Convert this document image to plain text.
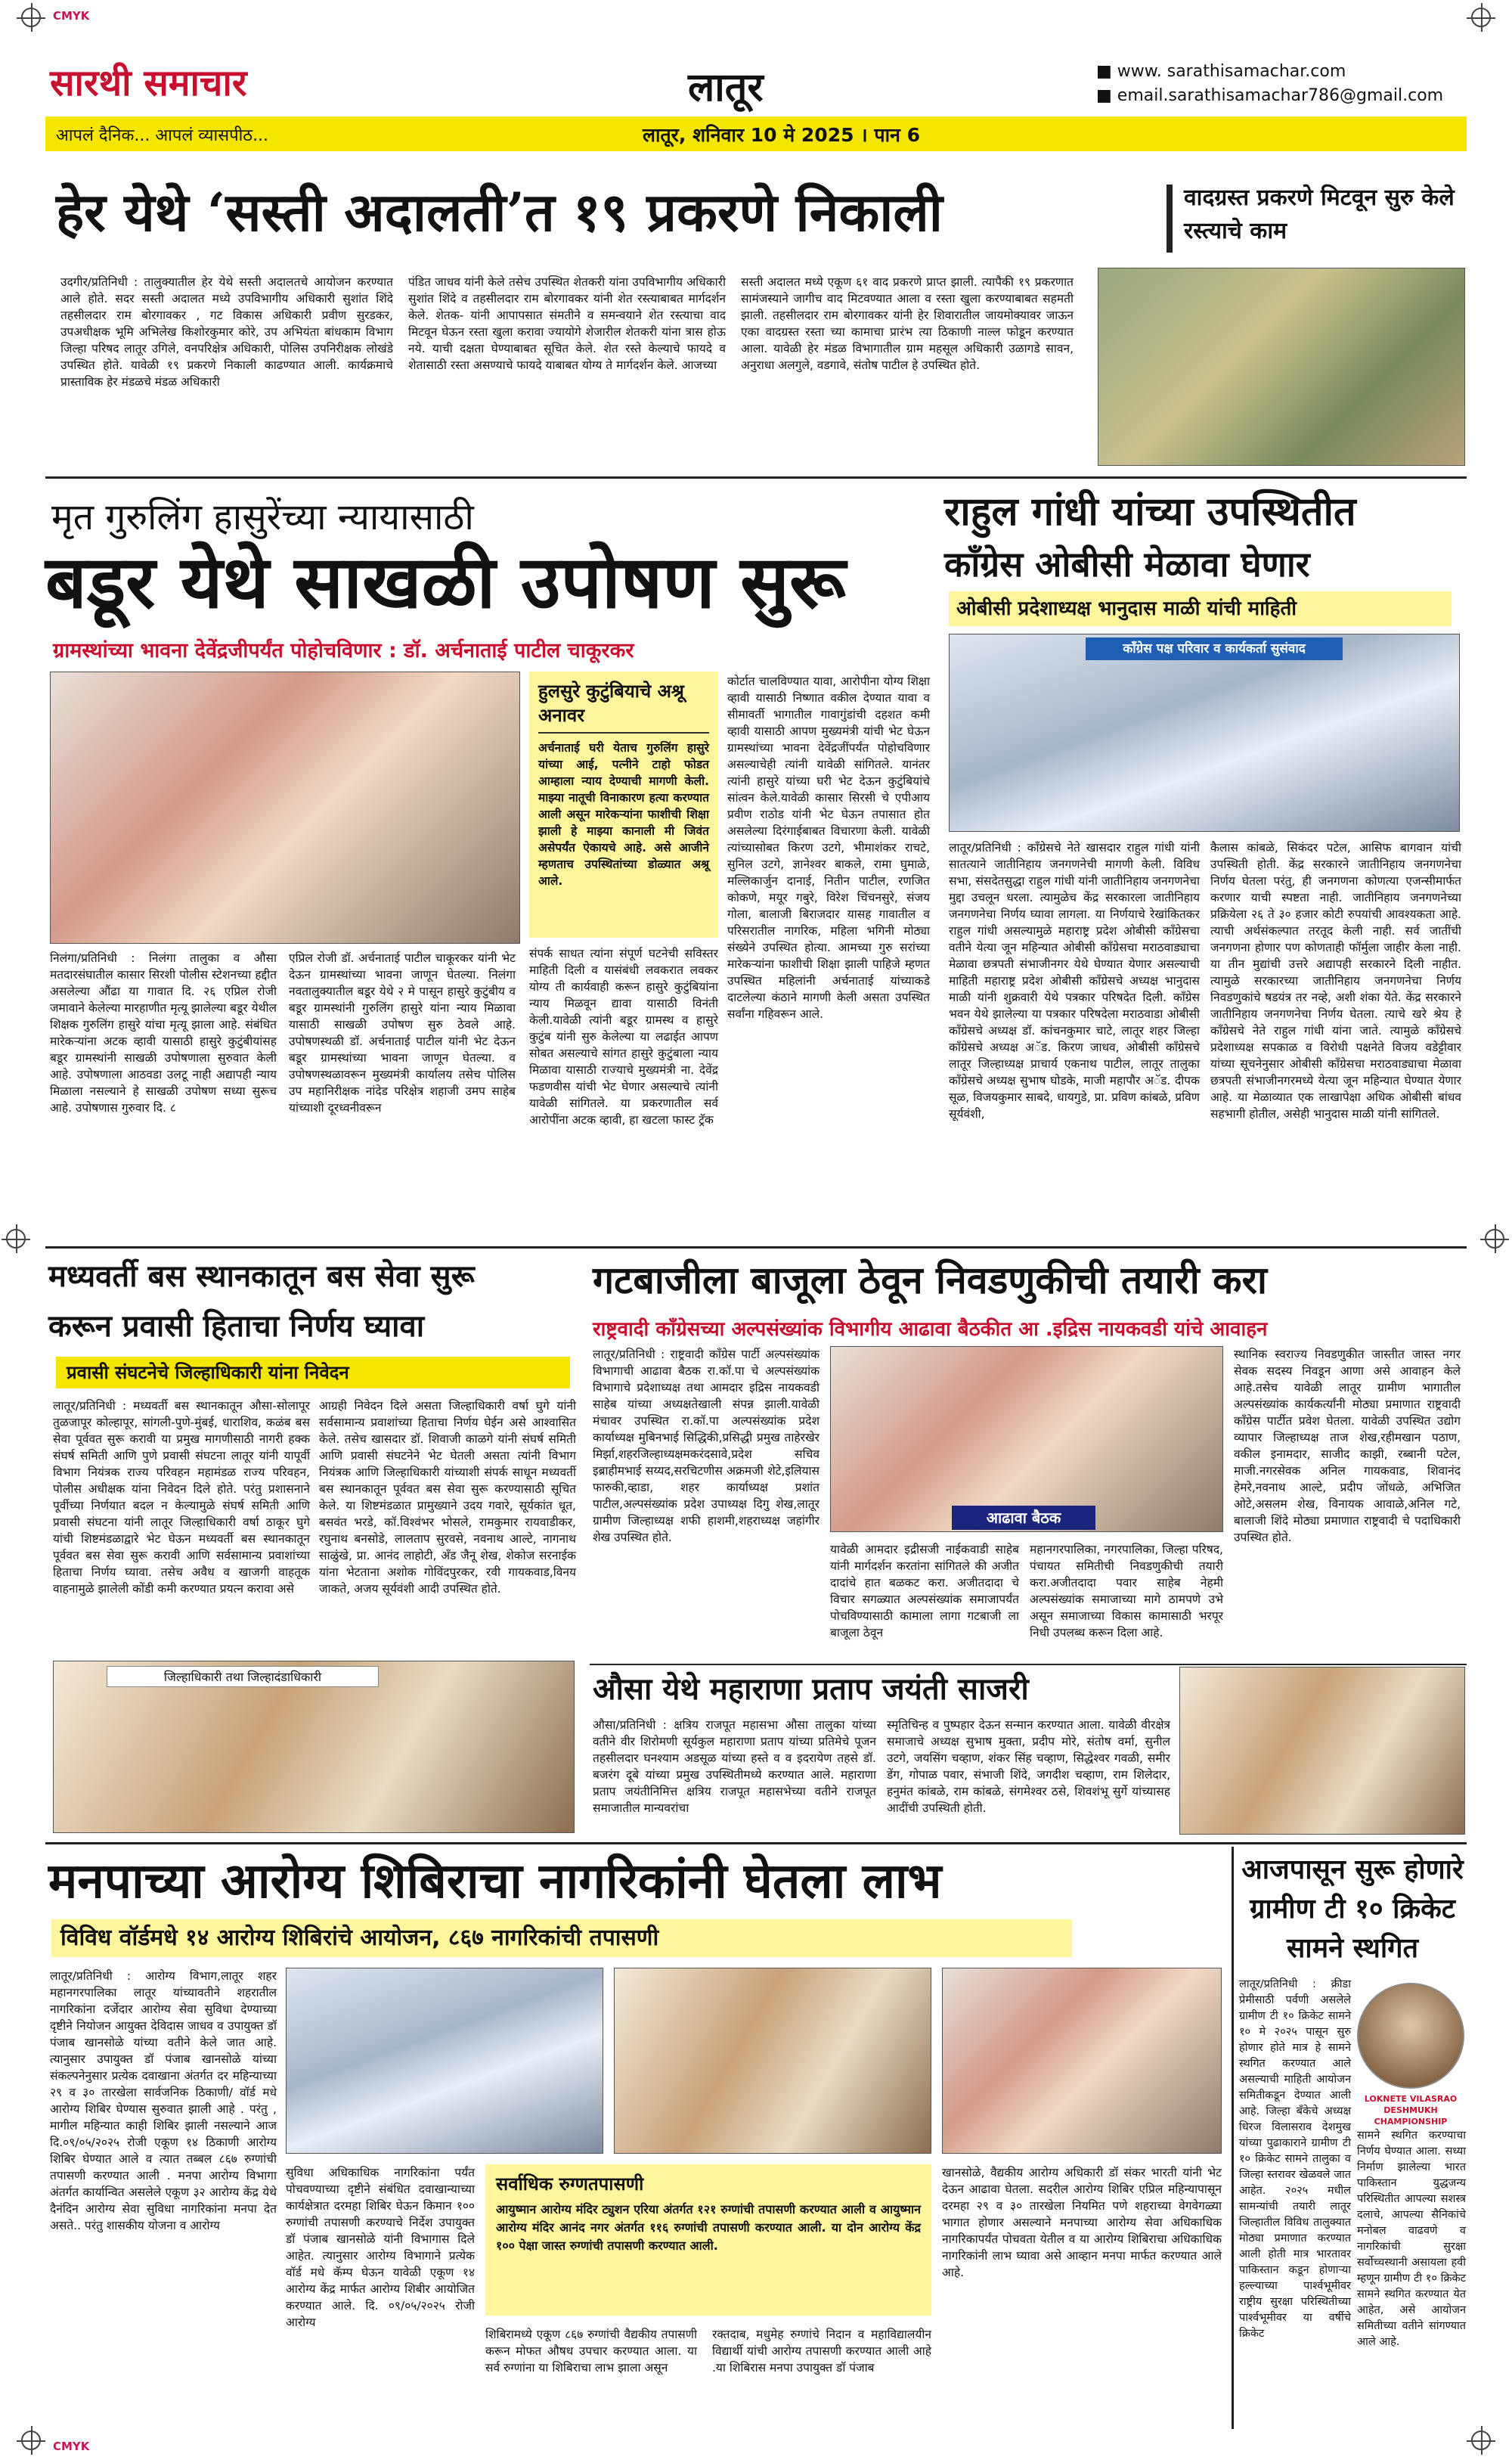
CMYK
CMYK
सारथी समाचार	लातूर	■ www. sarathisamachar.com
■ email.sarathisamachar786@gmail.com
आपलं दैनिक... आपलं व्यासपीठ...	लातूर, शनिवार 10 मे 2025 । पान 6
हेर येथे ‘सस्ती अदालती’त १९ प्रकरणे निकाली	वादग्रस्त प्रकरणे मिटवून सुरु केले रस्त्याचे काम
उदगीर/प्रतिनिधी : तालुक्यातील हेर येथे सस्ती अदालतचे आयोजन करण्यात आले होते. सदर सस्ती अदालत मध्ये उपविभागीय अधिकारी सुशांत शिंदे तहसीलदार राम बोरगावकर , गट विकास अधिकारी प्रवीण सुरडकर, उपअधीक्षक भूमि अभिलेख किशोरकुमार कोरे, उप अभियंता बांधकाम विभाग जिल्हा परिषद लातूर उगिले, वनपरिक्षेत्र अधिकारी, पोलिस उपनिरीक्षक लोखंडे उपस्थित होते. यावेळी १९ प्रकरणे निकाली काढण्यात आली. कार्यक्रमाचे प्रास्ताविक हेर मंडळचे मंडळ अधिकारी
पंडित जाधव यांनी केले तसेच उपस्थित शेतकरी यांना उपविभागीय अधिकारी सुशांत शिंदे व तहसीलदार राम बोरगावकर यांनी शेत रस्त्याबाबत मार्गदर्शन केले. शेतक- यांनी आपापसात संमतीने व समन्वयाने शेत रस्त्याचा वाद मिटवून घेऊन रस्ता खुला करावा ज्यायोगे शेजारील शेतकरी यांना त्रास होऊ नये. याची दक्षता घेण्याबाबत सूचित केले. शेत रस्ते केल्याचे फायदे व शेतासाठी रस्ता असण्याचे फायदे याबाबत योग्य ते मार्गदर्शन केले. आजच्या
सस्ती अदालत मध्ये एकूण ६१ वाद प्रकरणे प्राप्त झाली. त्यापैकी १९ प्रकरणात सामंजस्याने जागीच वाद मिटवण्यात आला व रस्ता खुला करण्याबाबत सहमती झाली. तहसीलदार राम बोरगावकर यांनी हेर शिवारातील जायमोक्यावर जाऊन एका वादग्रस्त रस्ता च्या कामाचा प्रारंभ त्या ठिकाणी नाल्ल फोडून करण्यात आला. यावेळी हेर मंडळ विभागातील ग्राम महसूल अधिकारी उळागडे सावन, अनुराधा अलगुले, वडगावे, संतोष पाटील हे उपस्थित होते.
मृत गुरुलिंग हासुरेंच्या न्यायासाठी
बडूर येथे साखळी उपोषण सुरू
ग्रामस्थांच्या भावना देवेंद्रजीपर्यंत पोहोचविणार : डॉ. अर्चनाताई पाटील चाकूरकर
हुलसुरे कुटुंबियाचे अश्रू अनावर
अर्चनाताई घरी येताच गुरुलिंग हासुरे यांच्या आई, पत्नीने टाहो फोडत आम्हाला न्याय देण्याची मागणी केली. माझ्या नातूची विनाकारण हत्या करण्यात आली असून मारेकऱ्यांना फाशीची शिक्षा झाली हे माझ्या कानाली मी जिवंत असेपर्यंत ऐकायचे आहे. असे आजीने म्हणताच उपस्थितांच्या डोळ्यात अश्रू आले.
निलंगा/प्रतिनिधी : निलंगा तालुका व औसा मतदारसंघातील कासार सिरशी पोलीस स्टेशनच्या हद्दीत असलेल्या औंढा या गावात दि. २६ एप्रिल रोजी जमावाने केलेल्या मारहाणीत मृत्यू झालेल्या बडूर येथील शिक्षक गुरुलिंग हासुरे यांचा मृत्यू झाला आहे. संबंधित मारेकऱ्यांना अटक व्हावी यासाठी हासुरे कुटुंबीयांसह बडूर ग्रामस्थांनी साखळी उपोषणाला सुरुवात केली आहे. उपोषणाला आठवडा उलटू नाही अद्यापही न्याय मिळाला नसल्याने हे साखळी उपोषण सध्या सुरूच आहे. उपोषणास गुरुवार दि. ८
एप्रिल रोजी डॉ. अर्चनाताई पाटील चाकूरकर यांनी भेट देऊन ग्रामस्थांच्या भावना जाणून घेतल्या. निलंगा नवतालुक्यातील बडूर येथे २ मे पासून हासुरे कुटुंबीय व बडूर ग्रामस्थांनी गुरुलिंग हासुरे यांना न्याय मिळावा यासाठी साखळी उपोषण सुरु ठेवले आहे. उपोषणस्थळी डॉ. अर्चनाताई पाटील यांनी भेट देऊन बडूर ग्रामस्थांच्या भावना जाणून घेतल्या. व उपोषणस्थळावरून मुख्यमंत्री कार्यालय तसेच पोलिस उप महानिरीक्षक नांदेड परिक्षेत्र शहाजी उमप साहेब यांच्याशी दूरध्वनीवरून
संपर्क साधत त्यांना संपूर्ण घटनेची सविस्तर माहिती दिली व यासंबंधी लवकरात लवकर योग्य ती कार्यवाही करून हासुरे कुटुंबियांना न्याय मिळवून द्यावा यासाठी विनंती केली.यावेळी त्यांनी बडूर ग्रामस्थ व हासुरे कुटुंब यांनी सुरु केलेल्या या लढाईत आपण सोबत असल्याचे सांगत हासुरे कुटुंबाला न्याय मिळावा यासाठी राज्याचे मुख्यमंत्री ना. देवेंद्र फडणवीस यांची भेट घेणार असल्याचे त्यांनी यावेळी सांगितले. या प्रकरणातील सर्व आरोपींना अटक व्हावी, हा खटला फास्ट ट्रॅक
कोर्टात चालविण्यात यावा, आरोपीना योग्य शिक्षा व्हावी यासाठी निष्णात वकील देण्यात यावा व सीमावर्ती भागातील गावागुंडांची दहशत कमी व्हावी यासाठी आपण मुख्यमंत्री यांची भेट घेऊन ग्रामस्थांच्या भावना देवेंद्रजींपर्यंत पोहोचविणार असल्याचेही त्यांनी यावेळी सांगितले. यानंतर त्यांनी हासुरे यांच्या घरी भेट देऊन कुटुंबियांचे सांत्वन केले.यावेळी कासार सिरसी चे एपीआय प्रवीण राठोड यांनी भेट घेऊन तपासात होत असलेल्या दिरंगाईबाबत विचारणा केली. यावेळी त्यांच्यासोबत किरण उटगे, भीमाशंकर राचटे, सुनिल उटगे, ज्ञानेश्वर बाकले, रामा घुमाळे, मल्लिकार्जुन दानाई, नितीन पाटील, रणजित कोकणे, मयूर गबुरे, विरेश चिंचनसुरे, संजय गोला, बालाजी बिराजदार यासह गावातील व परिसरातील नागरिक, महिला भगिनी मोठ्या संख्येने उपस्थित होत्या. आमच्या गुरु सरांच्या मारेकऱ्यांना फाशीची शिक्षा झाली पाहिजे म्हणत उपस्थित महिलांनी अर्चनाताई यांच्याकडे दाटलेल्या कंठाने मागणी केली असता उपस्थित सर्वांना गहिवरून आले.
राहुल गांधी यांच्या उपस्थितीत
काँग्रेस ओबीसी मेळावा घेणार
ओबीसी प्रदेशाध्यक्ष भानुदास माळी यांची माहिती
काँग्रेस पक्ष परिवार व कार्यकर्ता सुसंवाद
लातूर/प्रतिनिधी : काँग्रेसचे नेते खासदार राहुल गांधी यांनी सातत्याने जातीनिहाय जनगणनेची मागणी केली. विविध सभा, संसदेतसुद्धा राहुल गांधी यांनी जातीनिहाय जनगणनेचा मुद्दा उचलून धरला. त्यामुळेच केंद्र सरकारला जातीनिहाय जनगणनेचा निर्णय घ्यावा लागला. या निर्णयाचे रेखांकितकर राहुल गांधी असल्यामुळे महाराष्ट्र प्रदेश ओबीसी काँग्रेसचा वतीने येत्या जून महिन्यात ओबीसी काँग्रेसचा मराठवाड्याचा मेळावा छत्रपती संभाजीनगर येथे घेण्यात येणार असल्याची माहिती महाराष्ट्र प्रदेश ओबीसी काँग्रेसचे अध्यक्ष भानुदास माळी यांनी शुक्रवारी येथे पत्रकार परिषदेत दिली. काँग्रेस भवन येथे झालेल्या या पत्रकार परिषदेला मराठवाडा ओबीसी काँग्रेसचे अध्यक्ष डॉ. कांचनकुमार चाटे, लातूर शहर जिल्हा काँग्रेसचे अध्यक्ष अॅड. किरण जाधव, ओबीसी काँग्रेसचे लातूर जिल्हाध्यक्ष प्राचार्य एकनाथ पाटील, लातूर तालुका काँग्रेसचे अध्यक्ष सुभाष घोडके, माजी महापौर अॅड. दीपक सूळ, विजयकुमार साबदे, धायगुडे, प्रा. प्रविण कांबळे, प्रविण सूर्यवंशी,
कैलास कांबळे, सिकंदर पटेल, आसिफ बागवान यांची उपस्थिती होती. केंद्र सरकारने जातीनिहाय जनगणनेचा निर्णय घेतला परंतु, ही जनगणना कोणत्या एजन्सीमार्फत करणार याची स्पष्टता नाही. जातीनिहाय जनगणनेच्या प्रक्रियेला २६ ते ३० हजार कोटी रुपयांची आवश्यकता आहे. त्याची अर्थसंकल्पात तरतूद केली नाही. सर्व जातींची जनगणना होणार पण कोणताही फॉर्मुला जाहीर केला नाही. या तीन मुद्यांची उत्तरे अद्यापही सरकारने दिली नाहीत. त्यामुळे सरकारच्या जातीनिहाय जनगणनेचा निर्णय निवडणुकांचे षडयंत्र तर नव्हे, अशी शंका येते. केंद्र सरकारने जातीनिहाय जनगणनेचा निर्णय घेतला. त्याचे खरे श्रेय हे काँग्रेसचे नेते राहुल गांधी यांना जाते. त्यामुळे काँग्रेसचे प्रदेशाध्यक्ष सपकाळ व विरोधी पक्षनेते विजय वडेट्टीवार यांच्या सूचनेनुसार ओबीसी काँग्रेसचा मराठवाड्याचा मेळावा छत्रपती संभाजीनगरमध्ये येत्या जून महिन्यात घेण्यात येणार आहे. या मेळाव्यात एक लाखापेक्षा अधिक ओबीसी बांधव सहभागी होतील, असेही भानुदास माळी यांनी सांगितले.
मध्यवर्ती बस स्थानकातून बस सेवा सुरू
करून प्रवासी हिताचा निर्णय घ्यावा
प्रवासी संघटनेचे जिल्हाधिकारी यांना निवेदन
लातूर/प्रतिनिधी : मध्यवर्ती बस स्थानकातून औसा-सोलापूर तुळजापूर कोल्हापूर, सांगली-पुणे-मुंबई, धाराशिव, कळंब बस सेवा पूर्ववत सुरू करावी या प्रमुख मागणीसाठी नागरी हक्क संघर्ष समिती आणि पुणे प्रवासी संघटना लातूर यांनी यापूर्वी विभाग नियंत्रक राज्य परिवहन महामंडळ राज्य परिवहन, पोलीस अधीक्षक यांना निवेदन दिले होते. परंतु प्रशासनाने पूर्वीच्या निर्णयात बदल न केल्यामुळे संघर्ष समिती आणि प्रवासी संघटना यांनी लातूर जिल्हाधिकारी वर्षा ठाकूर घुगे यांची शिष्टमंडळाद्वारे भेट घेऊन मध्यवर्ती बस स्थानकातून पूर्ववत बस सेवा सुरू करावी आणि सर्वसामान्य प्रवाशांच्या हिताचा निर्णय घ्यावा. तसेच अवैध व खाजगी वाहतूक वाहनामुळे झालेली कोंडी कमी करण्यात प्रयत्न करावा असे
आग्रही निवेदन दिले असता जिल्हाधिकारी वर्षा घुगे यांनी सर्वसामान्य प्रवाशांच्या हिताचा निर्णय घेईन असे आश्वासित केले. तसेच खासदार डॉ. शिवाजी काळगे यांनी संघर्ष समिती आणि प्रवासी संघटनेने भेट घेतली असता त्यांनी विभाग नियंत्रक आणि जिल्हाधिकारी यांच्याशी संपर्क साधून मध्यवर्ती बस स्थानकातून पूर्ववत बस सेवा सुरू करण्यासाठी सूचित केले. या शिष्टमंडळात प्रामुख्याने उदय गवारे, सूर्यकांत धूत, बसवंत भरडे, कॉ.विश्वंभर भोसले, रामकुमार रायवाडीकर, रघुनाथ बनसोडे, लालताप सुरवसे, नवनाथ आल्टे, नागनाथ साळुंखे, प्रा. आनंद लाहोटी, अँड जैनू शेख, शेकोज सरनाईक यांना भेटताना अशोक गोविंदपुरकर, रवी गायकवाड,विनय जाकते, अजय सूर्यवंशी आदी उपस्थित होते.
जिल्हाधिकारी तथा जिल्हादंडाधिकारी
गटबाजीला बाजूला ठेवून निवडणुकीची तयारी करा
राष्ट्रवादी काँग्रेसच्या अल्पसंख्यांक विभागीय आढावा बैठकीत आ .इद्रिस नायकवडी यांचे आवाहन
लातूर/प्रतिनिधी : राष्ट्रवादी काँग्रेस पार्टी अल्पसंख्यांक विभागाची आढावा बैठक रा.कॉ.पा चे अल्पसंख्यांक विभागाचे प्रदेशाध्यक्ष तथा आमदार इद्रिस नायकवडी साहेब यांच्या अध्यक्षतेखाली संपन्न झाली.यावेळी मंचावर उपस्थित रा.कॉ.पा अल्पसंख्यांक प्रदेश कार्याध्यक्ष मुबिनभाई सिद्धिकी,प्रसिद्धी प्रमुख ताहेरखेर मिर्झा,शहरजिल्हाध्यक्षमकरंदसावे,प्रदेश सचिव इब्राहीमभाई सय्यद,सरचिटणीस अक्रमजी शेटे,इलियास फारुकी,व्हाडा, शहर कार्याध्यक्ष प्रशांत पाटील,अल्पसंख्यांक प्रदेश उपाध्यक्ष दिगु शेख,लातूर ग्रामीण जिल्हाध्यक्ष शफी हाशमी,शहराध्यक्ष जहांगीर शेख उपस्थित होते.
आढावा बैठक
यावेळी आमदार इद्रीसजी नाईकवाडी साहेब यांनी मार्गदर्शन करतांना सांगितले की अजीत दादांचे हात बळकट करा. अजीतदादा चे विचार सगळ्यात अल्पसंख्यांक समाजापर्यंत पोचविण्यासाठी कामाला लागा गटबाजी ला बाजूला ठेवून
महानगरपालिका, नगरपालिका, जिल्हा परिषद, पंचायत समितीची निवडणुकीची तयारी करा.अजीतदादा पवार साहेब नेहमी अल्पसंख्यांक समाजाच्या मागे ठामपणे उभे असून समाजाच्या विकास कामासाठी भरपूर निधी उपलब्ध करून दिला आहे.
स्थानिक स्वराज्य निवडणुकीत जास्तीत जास्त नगर सेवक सदस्य निवडून आणा असे आवाहन केले आहे.तसेच यावेळी लातूर ग्रामीण भागातील अल्पसंख्यांक कार्यकर्त्यांनी मोठ्या प्रमाणात राष्ट्रवादी काँग्रेस पार्टीत प्रवेश घेतला. यावेळी उपस्थित उद्योग व्यापार जिल्हाध्यक्ष ताज शेख,रहीमखान पठाण, वकील इनामदार, साजीद काझी, रब्बानी पटेल, माजी.नगरसेवक अनिल गायकवाड, शिवानंद हेमरे,नवनाथ आल्टे, प्रदीप जोंधळे, अभिजित ओटे,असलम शेख, विनायक आवाळे,अनिल गटे, बालाजी शिंदे मोठ्या प्रमाणात राष्ट्रवादी चे पदाधिकारी उपस्थित होते.
औसा येथे महाराणा प्रताप जयंती साजरी
औसा/प्रतिनिधी : क्षत्रिय राजपूत महासभा औसा तालुका यांच्या वतीने वीर शिरोमणी सूर्यकुल महाराणा प्रताप यांच्या प्रतिमेचे पूजन तहसीलदार घनश्याम अडसूळ यांच्या हस्ते व व इदरायेण तहसे डॉ. बजरंग दूबे यांच्या प्रमुख उपस्थितीमध्ये करण्यात आले. महाराणा प्रताप जयंतीनिमित्त क्षत्रिय राजपूत महासभेच्या वतीने राजपूत समाजातील मान्यवरांचा
स्मृतिचिन्ह व पुष्पहार देऊन सन्मान करण्यात आला. यावेळी वीरक्षेत्र समाजाचे अध्यक्ष सुभाष मुक्ता, प्रदीप मोरे, संतोष वर्मा, सुनील उटगे, जयसिंग चव्हाण, शंकर सिंह चव्हाण, सिद्धेश्वर गवळी, समीर डेंग, गोपाळ पवार, संभाजी शिंदे, जगदीश चव्हाण, राम शिलेदार, हनुमंत कांबळे, राम कांबळे, संगमेश्वर ठसे, शिवशंभू सुर्गे यांच्यासह आदींची उपस्थिती होती.
मनपाच्या आरोग्य शिबिराचा नागरिकांनी घेतला लाभ
विविध वॉर्डमधे १४ आरोग्य शिबिरांचे आयोजन, ८६७ नागरिकांची तपासणी
लातूर/प्रतिनिधी : आरोग्य विभाग,लातूर शहर महानगरपालिका लातूर यांच्यावतीने शहरातील नागरिकांना दर्जेदार आरोग्य सेवा सुविधा देण्याच्या दृष्टीने नियोजन आयुक्त देविदास जाधव व उपायुक्त डॉ पंजाब खानसोळे यांच्या वतीने केले जात आहे. त्यानुसार उपायुक्त डॉ पंजाब खानसोळे यांच्या संकल्पनेनुसार प्रत्येक दवाखाना अंतर्गत दर महिन्याच्या २९ व ३० तारखेला सार्वजनिक ठिकाणी/ वॉर्ड मधे आरोग्य शिबिर घेण्यास सुरुवात झाली आहे . परंतु , मागील महिन्यात काही शिबिर झाली नसल्याने आज दि.०९/०५/२०२५ रोजी एकूण १४ ठिकाणी आरोग्य शिबिर घेण्यात आले व त्यात तब्बल ८६७ रुग्णांची तपासणी करण्यात आली . मनपा आरोग्य विभागा अंतर्गत कार्यान्वित असलेले एकूण ३२ आरोग्य केंद्र येथे दैनंदिन आरोग्य सेवा सुविधा नागरिकांना मनपा देत असते.. परंतु शासकीय योजना व आरोग्य
सुविधा अधिकाधिक नागरिकांना पर्यंत पोचवण्याच्या दृष्टीने संबंधित दवाखान्याच्या कार्यक्षेत्रात दरमहा शिबिर घेऊन किमान १०० रुग्णांची तपासणी करण्याचे निर्देश उपायुक्त डॉ पंजाब खानसोळे यांनी विभागास दिले आहेत. त्यानुसार आरोग्य विभागाने प्रत्येक वॉर्ड मधे कॅम्प घेऊन यावेळी एकूण १४ आरोग्य केंद्र मार्फत आरोग्य शिबीर आयोजित करण्यात आले. दि. ०९/०५/२०२५ रोजी आरोग्य
सर्वाधिक रुग्णतपासणी
आयुष्मान आरोग्य मंदिर ट्युशन एरिया अंतर्गत १२१ रुग्णांची तपासणी करण्यात आली व आयुष्मान आरोग्य मंदिर आनंद नगर अंतर्गत ११६ रुग्णांची तपासणी करण्यात आली. या दोन आरोग्य केंद्र १०० पेक्षा जास्त रुग्णांची तपासणी करण्यात आली.
शिबिरामध्ये एकूण ८६७ रुग्णांची वैद्यकीय तपासणी करून मोफत औषध उपचार करण्यात आला. या सर्व रुग्णांना या शिबिराचा लाभ झाला असून
रक्तदाब, मधुमेह रुग्णांचे निदान व महाविद्यालयीन विद्यार्थी यांची आरोग्य तपासणी करण्यात आली आहे .या शिबिरास मनपा उपायुक्त डॉ पंजाब
खानसोळे, वैद्यकीय आरोग्य अधिकारी डॉ संकर भारती यांनी भेट देऊन आढावा घेतला. सदरील आरोग्य शिबिर एप्रिल महिन्यापासून दरमहा २९ व ३० तारखेला नियमित पणे शहराच्या वेगवेगळ्या भागात होणार असल्याने मनपाच्या आरोग्य सेवा अधिकाधिक नागरिकापर्यंत पोचवता येतील व या आरोग्य शिबिराचा अधिकाधिक नागरिकांनी लाभ घ्यावा असे आव्हान मनपा मार्फत करण्यात आले आहे.
आजपासून सुरू होणारे ग्रामीण टी १० क्रिकेट सामने स्थगित
लातूर/प्रतिनिधी : क्रीडा प्रेमीसाठी पर्वणी असलेले ग्रामीण टी १० क्रिकेट सामने १० मे २०२५ पासून सुरु होणार होते मात्र हे सामने स्थगित करण्यात आले असल्याची माहिती आयोजन समितीकडून देण्यात आली आहे. जिल्हा बँकेचे अध्यक्ष धिरज विलासराव देशमुख यांच्या पुढाकाराने ग्रामीण टी १० क्रिकेट सामने तालुका व जिल्हा स्तरावर खेळवले जात आहेत. २०२५ मधील सामन्यांची तयारी लातूर जिल्हातील विविध तालुक्यात मोठ्या प्रमाणात करण्यात आली होती मात्र भारतावर पाकिस्तान कडून होणाऱ्या हल्ल्याच्या पार्श्वभूमीवर राष्ट्रीय सुरक्षा परिस्थितीच्या पार्श्वभूमीवर या वर्षीचे क्रिकेट
LOKNETE VILASRAO DESHMUKH CHAMPIONSHIP
सामने स्थगित करण्याचा निर्णय घेण्यात आला. सध्या निर्माण झालेल्या भारत पाकिस्तान युद्धजन्य परिस्थितीत आपल्या सशस्त्र दलाचे, आपल्या सैनिकांचे मनोबल वाढवणे व नागरिकांची सुरक्षा सर्वोच्चस्थानी असायला हवी म्हणून ग्रामीण टी १० क्रिकेट सामने स्थगित करण्यात येत आहेत, असे आयोजन समितीच्या वतीने सांगण्यात आले आहे.
